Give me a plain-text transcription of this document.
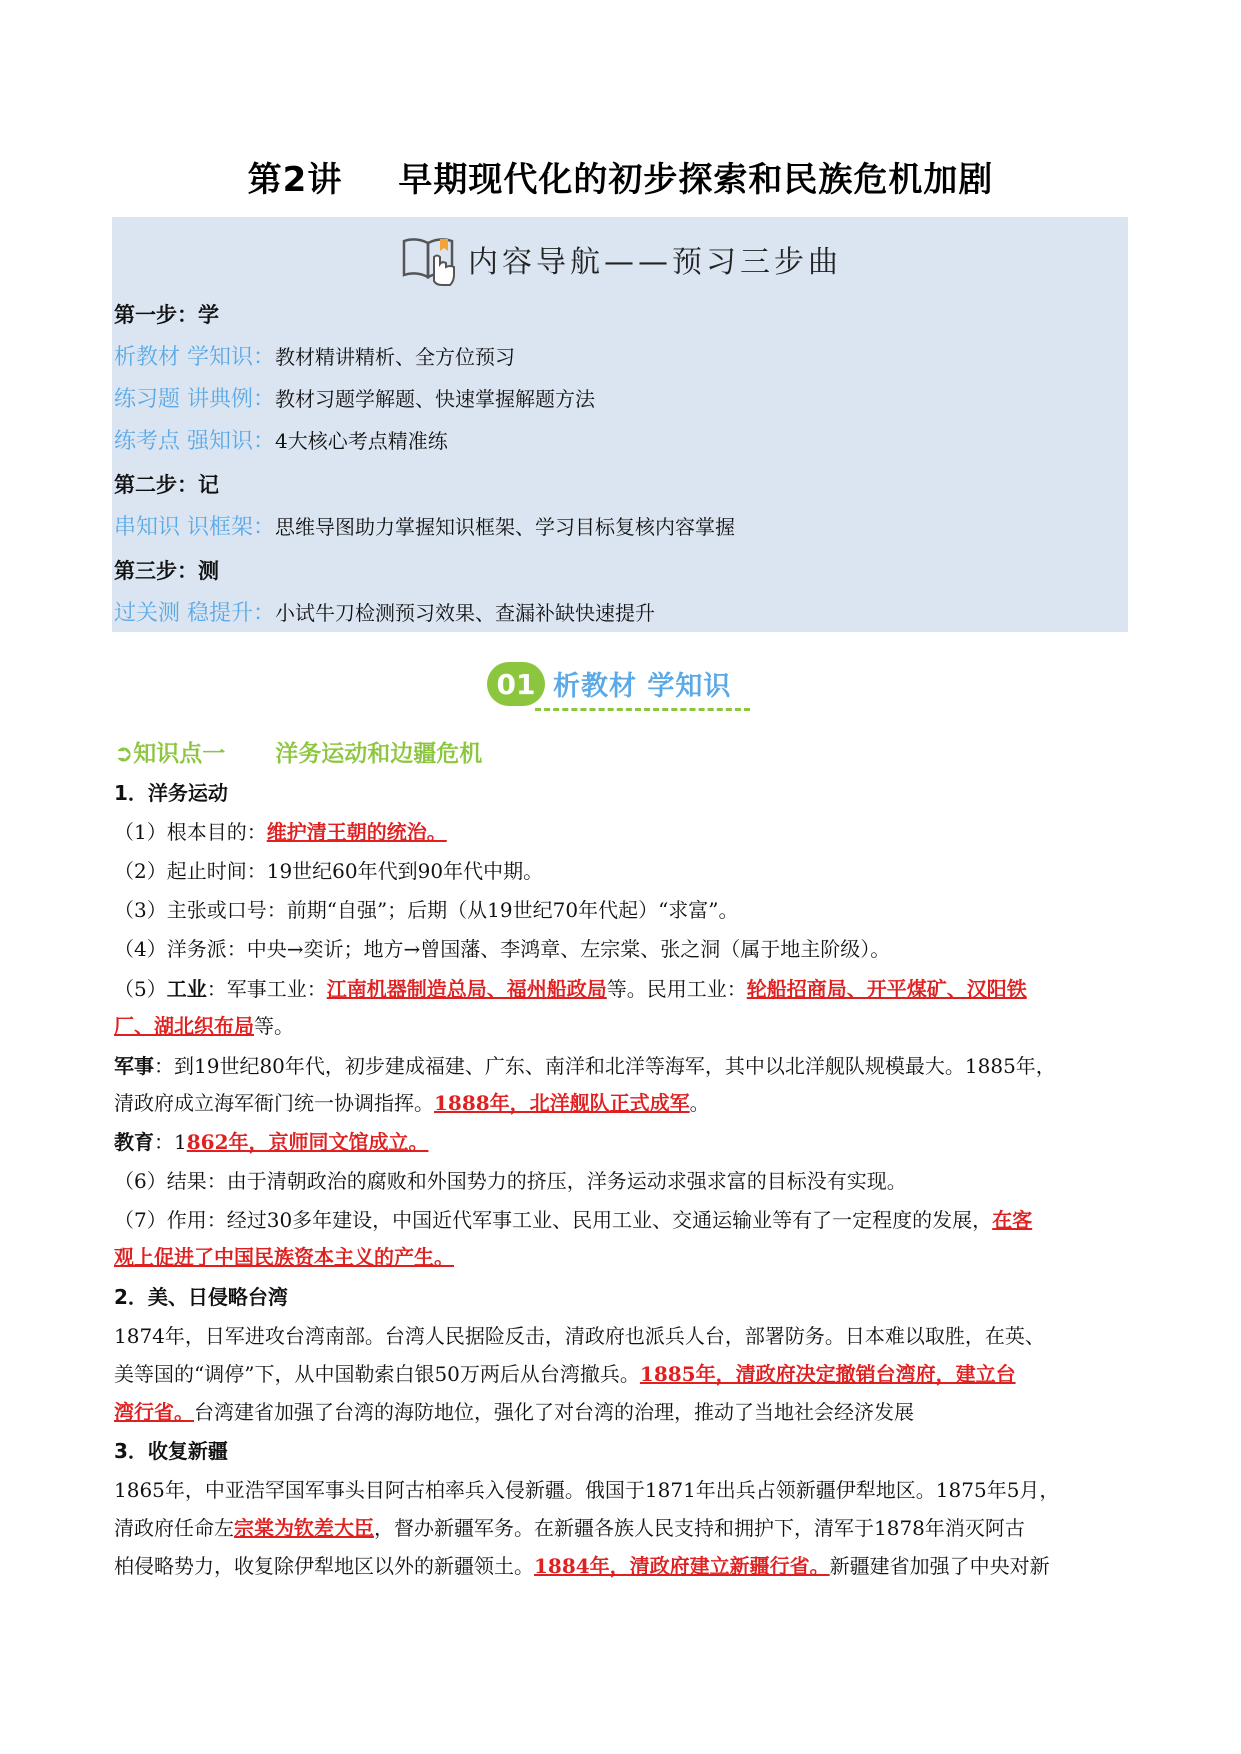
第2讲 早期现代化的初步探索和民族危机加剧
内容导航——预习三步曲
第一步：学
析教材 学知识：教材精讲精析、全方位预习
练习题 讲典例：教材习题学解题、快速掌握解题方法
练考点 强知识：4大核心考点精准练
第二步：记
串知识 识框架：思维导图助力掌握知识框架、学习目标复核内容掌握
第三步：测
过关测 稳提升：小试牛刀检测预习效果、查漏补缺快速提升
01 析教材 学知识
➲知识点一 洋务运动和边疆危机
1．洋务运动
（1）根本目的：维护清王朝的统治。
（2）起止时间：19世纪60年代到90年代中期。
（3）主张或口号：前期“自强”；后期（从19世纪70年代起）“求富”。
（4）洋务派：中央→奕䜣；地方→曾国藩、李鸿章、左宗棠、张之洞（属于地主阶级）。
（5）工业：军事工业：江南机器制造总局、福州船政局等。民用工业：轮船招商局、开平煤矿、汉阳铁
厂、湖北织布局等。
军事：到19世纪80年代，初步建成福建、广东、南洋和北洋等海军，其中以北洋舰队规模最大。1885年，
清政府成立海军衙门统一协调指挥。1888年，北洋舰队正式成军。
教育：1862年，京师同文馆成立。
（6）结果：由于清朝政治的腐败和外国势力的挤压，洋务运动求强求富的目标没有实现。
（7）作用：经过30多年建设，中国近代军事工业、民用工业、交通运输业等有了一定程度的发展，在客
观上促进了中国民族资本主义的产生。
2．美、日侵略台湾
1874年，日军进攻台湾南部。台湾人民据险反击，清政府也派兵人台，部署防务。日本难以取胜，在英、
美等国的“调停”下，从中国勒索白银50万两后从台湾撤兵。1885年，清政府决定撤销台湾府，建立台
湾行省。台湾建省加强了台湾的海防地位，强化了对台湾的治理，推动了当地社会经济发展
3．收复新疆
1865年，中亚浩罕国军事头目阿古柏率兵入侵新疆。俄国于1871年出兵占领新疆伊犁地区。1875年5月，
清政府任命左宗棠为钦差大臣，督办新疆军务。在新疆各族人民支持和拥护下，清军于1878年消灭阿古
柏侵略势力，收复除伊犁地区以外的新疆领土。1884年，清政府建立新疆行省。新疆建省加强了中央对新
